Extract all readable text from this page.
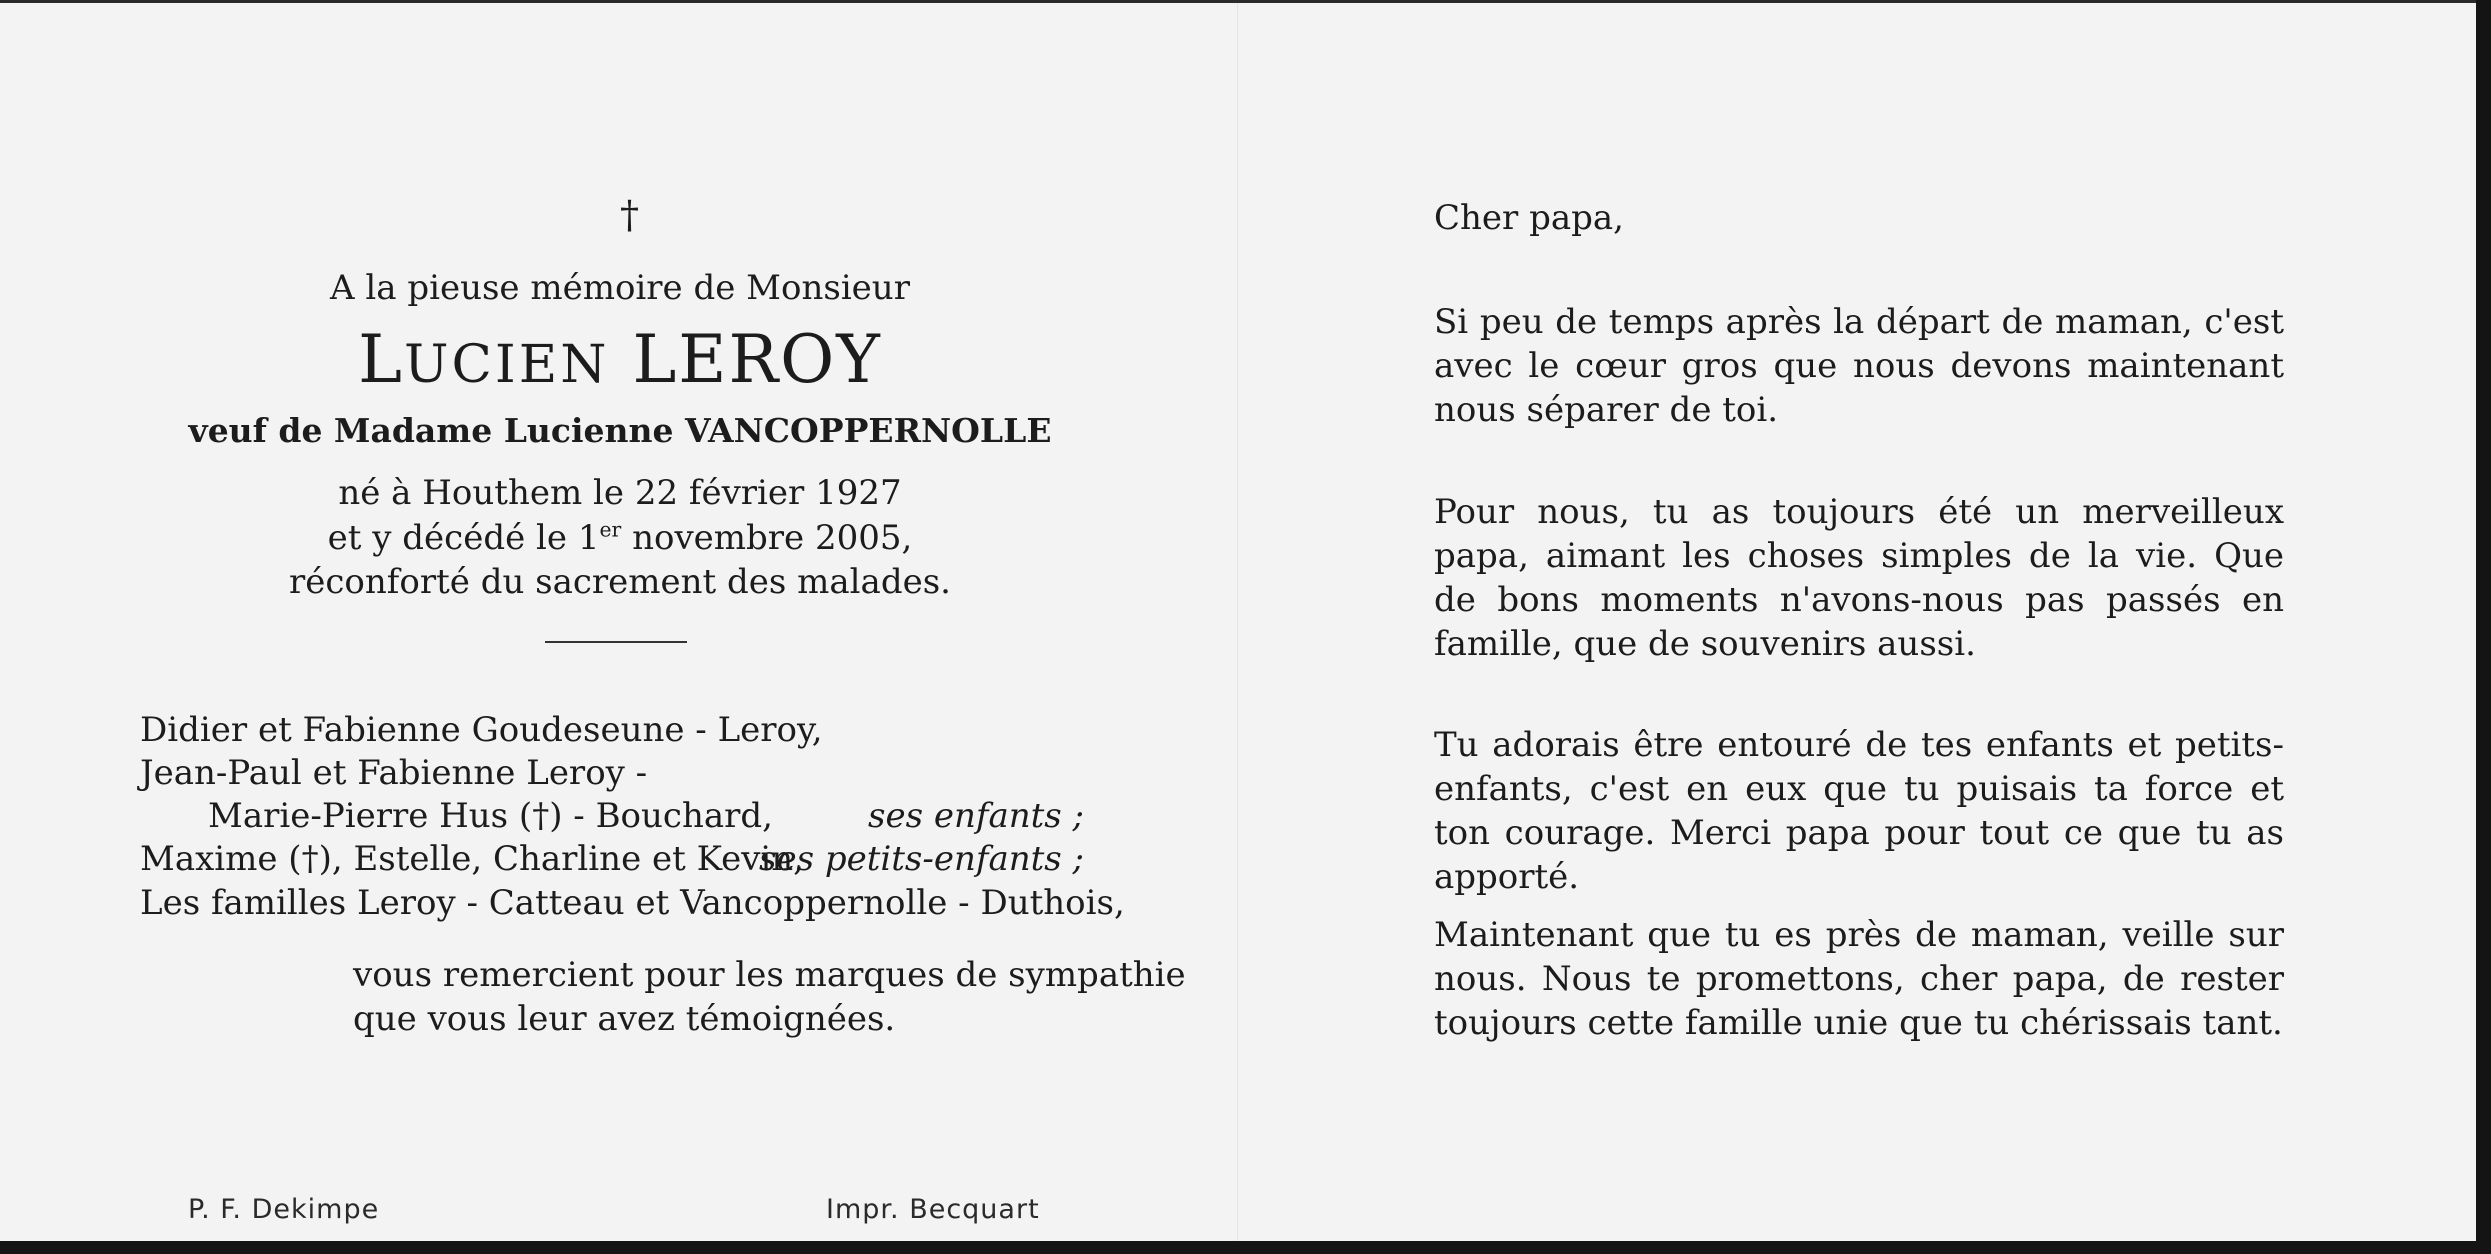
†
A la pieuse mémoire de Monsieur
LUCIEN LEROY
veuf de Madame Lucienne VANCOPPERNOLLE
né à Houthem le 22 février 1927
et y décédé le 1er novembre 2005,
réconforté du sacrement des malades.
Didier et Fabienne Goudeseune - Leroy,
Jean-Paul et Fabienne Leroy -
Marie-Pierre Hus (†) - Bouchard,	ses enfants ;
Maxime (†), Estelle, Charline et Kevin,
ses petits-enfants ;
Les familles Leroy - Catteau et Vancoppernolle - Duthois,
vous remercient pour les marques de sympathie
que vous leur avez témoignées.
Cher papa,
Si peu de temps après la départ de maman, c'est avec le cœur gros que nous devons maintenant nous séparer de toi.
Pour nous, tu as toujours été un merveilleux papa, aimant les choses simples de la vie. Que de bons moments n'avons-nous pas passés en famille, que de souvenirs aussi.
Tu adorais être entouré de tes enfants et petits-enfants, c'est en eux que tu puisais ta force et ton courage. Merci papa pour tout ce que tu as apporté.
Maintenant que tu es près de maman, veille sur nous. Nous te promettons, cher papa, de rester toujours cette famille unie que tu chérissais tant.
P. F. Dekimpe	Impr. Becquart
